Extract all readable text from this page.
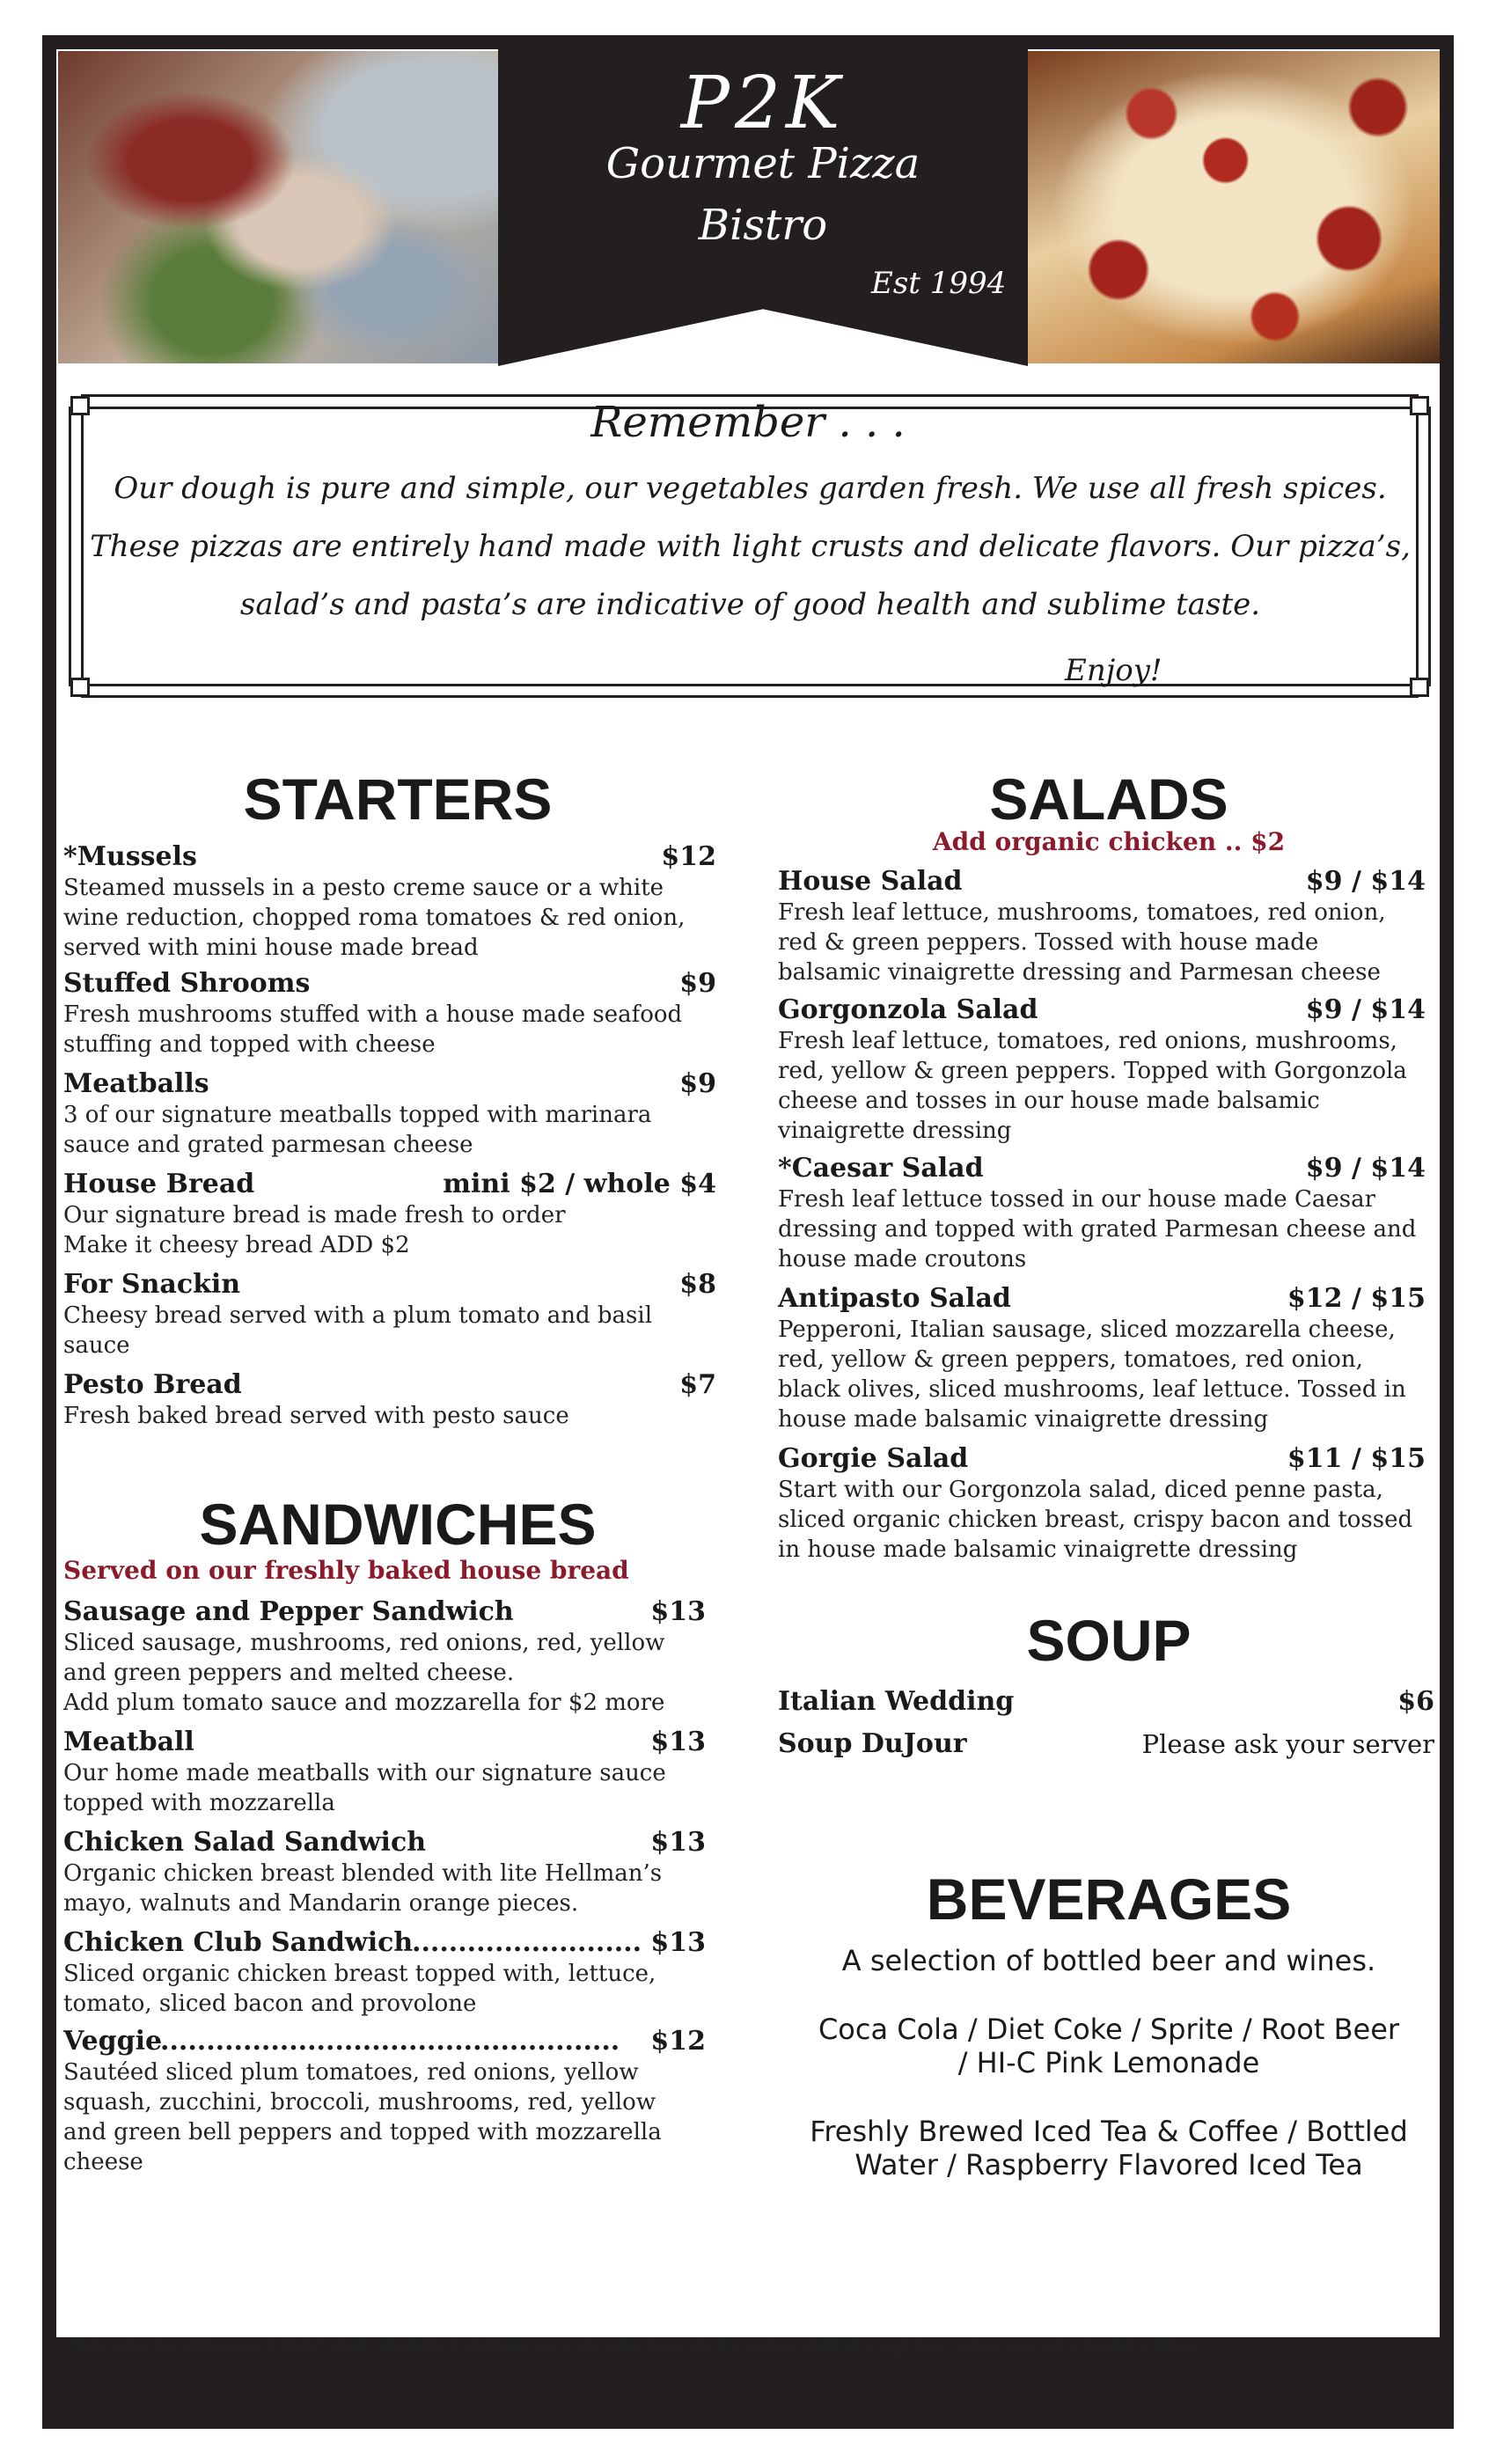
P2K
Gourmet Pizza
Bistro
Est 1994
Remember . . .
Our dough is pure and simple, our vegetables garden fresh. We use all fresh spices. These pizzas are entirely hand made with light crusts and delicate flavors. Our pizza’s, salad’s and pasta’s are indicative of good health and sublime taste.
Enjoy!
STARTERS
*Mussels	$12
Steamed mussels in a pesto creme sauce or a white wine reduction, chopped roma tomatoes & red onion, served with mini house made bread
Stuffed Shrooms	$9
Fresh mushrooms stuffed with a house made seafood stuffing and topped with cheese
Meatballs	$9
3 of our signature meatballs topped with marinara sauce and grated parmesan cheese
House Bread	mini $2 / whole $4
Our signature bread is made fresh to order
Make it cheesy bread ADD $2
For Snackin	$8
Cheesy bread served with a plum tomato and basil sauce
Pesto Bread	$7
Fresh baked bread served with pesto sauce
SANDWICHES
Served on our freshly baked house bread
Sausage and Pepper Sandwich	$13
Sliced sausage, mushrooms, red onions, red, yellow and green peppers and melted cheese.
Add plum tomato sauce and mozzarella for $2 more
Meatball	$13
Our home made meatballs with our signature sauce topped with mozzarella
Chicken Salad Sandwich	$13
Organic chicken breast blended with lite Hellman’s mayo, walnuts and Mandarin orange pieces.
Chicken Club Sandwich
......................... $13
Sliced organic chicken breast topped with, lettuce, tomato, sliced bacon and provolone
Veggie
.................................................. $12
Sautéed sliced plum tomatoes, red onions, yellow squash, zucchini, broccoli, mushrooms, red, yellow and green bell peppers and topped with mozzarella cheese
SALADS
Add organic chicken .. $2
House Salad	$9 / $14
Fresh leaf lettuce, mushrooms, tomatoes, red onion, red & green peppers. Tossed with house made balsamic vinaigrette dressing and Parmesan cheese
Gorgonzola Salad	$9 / $14
Fresh leaf lettuce, tomatoes, red onions, mushrooms, red, yellow & green peppers. Topped with Gorgonzola cheese and tosses in our house made balsamic vinaigrette dressing
*Caesar Salad	$9 / $14
Fresh leaf lettuce tossed in our house made Caesar dressing and topped with grated Parmesan cheese and house made croutons
Antipasto Salad	$12 / $15
Pepperoni, Italian sausage, sliced mozzarella cheese, red, yellow & green peppers, tomatoes, red onion, black olives, sliced mushrooms, leaf lettuce. Tossed in house made balsamic vinaigrette dressing
Gorgie Salad	$11 / $15
Start with our Gorgonzola salad, diced penne pasta, sliced organic chicken breast, crispy bacon and tossed in house made balsamic vinaigrette dressing
SOUP
Italian Wedding	$6
Soup DuJour	Please ask your server
BEVERAGES
A selection of bottled beer and wines.
Coca Cola / Diet Coke / Sprite / Root Beer
/ HI-C Pink Lemonade
Freshly Brewed Iced Tea & Coffee / Bottled
Water / Raspberry Flavored Iced Tea
*These items may contain raw or undercooked ingredients. Consuming raw or uncooked meats, poultry, seafood, shellfish or eggs may increase your risk of foodborne illness.
